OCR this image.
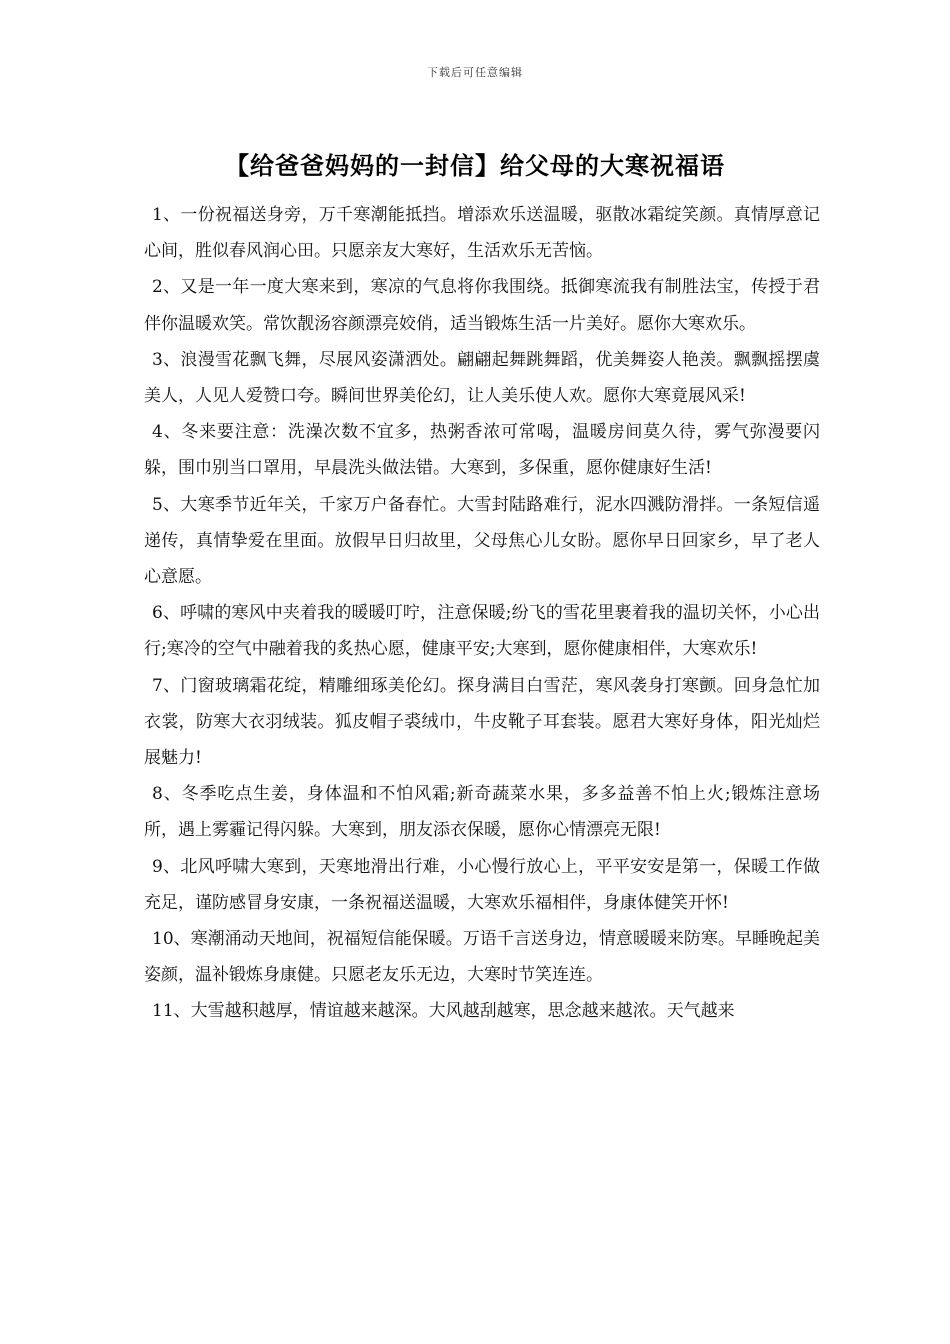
下载后可任意编辑
【给爸爸妈妈的一封信】给父母的大寒祝福语

1、一份祝福送身旁，万千寒潮能抵挡。增添欢乐送温暖，驱散冰霜绽笑颜。真情厚意记心间，胜似春风润心田。只愿亲友大寒好，生活欢乐无苦恼。

2、又是一年一度大寒来到，寒凉的气息将你我围绕。抵御寒流我有制胜法宝，传授于君伴你温暖欢笑。常饮靓汤容颜漂亮姣俏，适当锻炼生活一片美好。愿你大寒欢乐。

3、浪漫雪花飘飞舞，尽展风姿潇洒处。翩翩起舞跳舞蹈，优美舞姿人艳羡。飘飘摇摆虞美人，人见人爱赞口夸。瞬间世界美伦幻，让人美乐使人欢。愿你大寒竟展风采!

4、冬来要注意：洗澡次数不宜多，热粥香浓可常喝，温暖房间莫久待，雾气弥漫要闪躲，围巾别当口罩用，早晨洗头做法错。大寒到，多保重，愿你健康好生活!

5、大寒季节近年关，千家万户备春忙。大雪封陆路难行，泥水四溅防滑拌。一条短信遥递传，真情挚爱在里面。放假早日归故里，父母焦心儿女盼。愿你早日回家乡，早了老人心意愿。

6、呼啸的寒风中夹着我的暖暖叮咛，注意保暖;纷飞的雪花里裹着我的温切关怀，小心出行;寒冷的空气中融着我的炙热心愿，健康平安;大寒到，愿你健康相伴，大寒欢乐!

7、门窗玻璃霜花绽，精雕细琢美伦幻。探身满目白雪茫，寒风袭身打寒颤。回身急忙加衣裳，防寒大衣羽绒装。狐皮帽子裘绒巾，牛皮靴子耳套装。愿君大寒好身体，阳光灿烂展魅力!

8、冬季吃点生姜，身体温和不怕风霜;新奇蔬菜水果，多多益善不怕上火;锻炼注意场所，遇上雾霾记得闪躲。大寒到，朋友添衣保暖，愿你心情漂亮无限!

9、北风呼啸大寒到，天寒地滑出行难，小心慢行放心上，平平安安是第一，保暖工作做充足，谨防感冒身安康，一条祝福送温暖，大寒欢乐福相伴，身康体健笑开怀!

10、寒潮涌动天地间，祝福短信能保暖。万语千言送身边，情意暖暖来防寒。早睡晚起美姿颜，温补锻炼身康健。只愿老友乐无边，大寒时节笑连连。

11、大雪越积越厚，情谊越来越深。大风越刮越寒，思念越来越浓。天气越来
